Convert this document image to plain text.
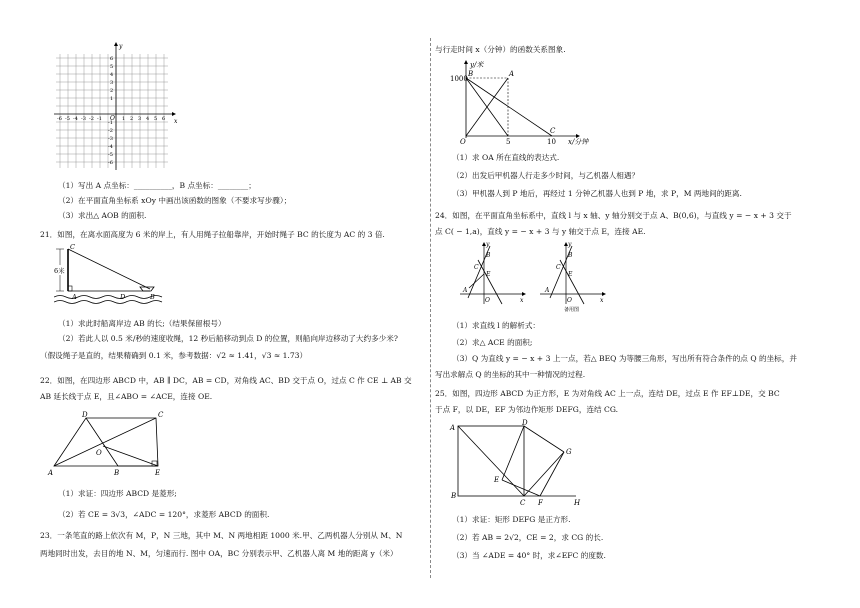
y
x
O
-6 -5 -4 -3 -2 -1	1 2 3 4 5 6
6
5
4
3
2
1
-1
-2
-3
-4
-5
-6
（1）写出 A 点坐标：__________，B 点坐标：________；
（2）在平面直角坐标系 xOy 中画出该函数的图象（不要求写步骤）；
（3）求出△ AOB 的面积.
21．如图，在离水面高度为 6 米的岸上，有人用绳子拉船靠岸，开始时绳子 BC 的长度为 AC 的 3 倍.
6米
C
A	D	B
（1）求此时船离岸边 AB 的长;（结果保留根号）
（2）若此人以 0.5 米/秒的速度收绳，12 秒后船移动到点 D 的位置，则船向岸边移动了大约多少米?
（假设绳子是直的，结果精确到 0.1 米，参考数据：√2 ≈ 1.41，√3 ≈ 1.73）
22．如图，在四边形 ABCD 中，AB ∥ DC，AB = CD，对角线 AC、BD 交于点 O，过点 C 作 CE ⊥ AB 交
AB 延长线于点 E，且∠ABO = ∠ACE，连接 OE.
D	C
O
A	B	E
（1）求证：四边形 ABCD 是菱形;
（2）若 CE = 3√3，∠ADC = 120°，求菱形 ABCD 的面积.
23．一条笔直的路上依次有 M，P，N 三地，其中 M、N 两地相距 1000 米.甲、乙两机器人分别从 M、N
两地同时出发，去目的地 N、M，匀速而行. 图中 OA，BC 分别表示甲、乙机器人离 M 地的距离 y（米）
与行走时间 x（分钟）的函数关系图象.
y/米
1000
B	A
C
O	5	10 x/分钟
（1）求 OA 所在直线的表达式.
（2）出发后甲机器人行走多少时间，与乙机器人相遇？
（3）甲机器人到 P 地后，再经过 1 分钟乙机器人也到 P 地，求 P，M 两地间的距离.
24．如图，在平面直角坐标系中，直线 l 与 x 轴、y 轴分别交于点 A、B(0,6)，与直线 y = − x + 3 交于
点 C( − 1,a)，直线 y = − x + 3 与 y 轴交于点 E，连接 AE.
y
x
O
A
B
C
E
y
x
O
A
B
C
E
备用图
（1）求直线 l 的解析式：
（2）求△ ACE 的面积;
（3）Q 为直线 y = − x + 3 上一点，若△ BEQ 为等腰三角形，写出所有符合条件的点 Q 的坐标，并
写出求解点 Q 的坐标的其中一种情况的过程.
25．如图，四边形 ABCD 为正方形，E 为对角线 AC 上一点，连结 DE，过点 E 作 EF⊥DE，交 BC
于点 F，以 DE，EF 为邻边作矩形 DEFG，连结 CG.
A
D
G
E
B
C F	H
（1）求证：矩形 DEFG 是正方形.
（2）若 AB = 2√2，CE = 2，求 CG 的长.
（3）当 ∠ADE = 40° 时，求∠EFC 的度数.
